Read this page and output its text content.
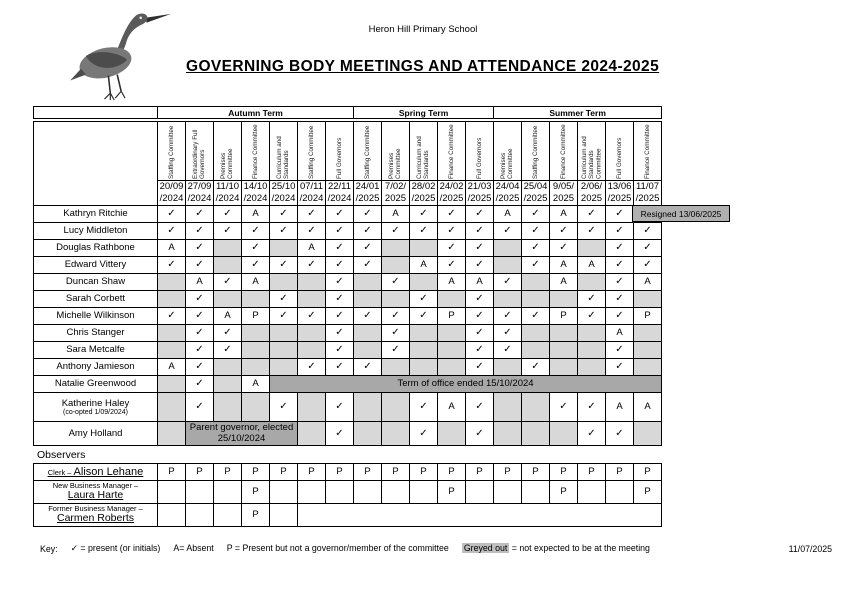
Heron Hill Primary School
GOVERNING BODY MEETINGS AND ATTENDANCE 2024-2025
	Autumn Term	Spring Term	Summer Term

	Staffing Committee	Extraordinary Full Governors	Premises Committee	Finance Committee	Curriculum and Standards	Staffing Committee	Full Governors	Staffing Committee	Premises Committee	Curriculum and Standards	Finance Committee	Full Governors	Premises Committee	Staffing Committee	Finance Committee	Curriculum and Standards Committee	Full Governors	Finance Committee

	20/09 /2024	27/09 /2024	11/10 /2024	14/10 /2024	25/10 /2024	07/11 /2024	22/11 /2024	24/01 /2025	7/02/ 2025	28/02 /2025	24/02 /2025	21/03 /2025	24/04 /2025	25/04 /2025	9/05/ 2025	2/06/ 2025	13/06 /2025	11/07 /2025

Kathryn Ritchie	✓	✓	✓	A	✓	✓	✓	✓	A	✓	✓	✓	A	✓	A	✓	✓	Resigned 13/06/2025

Lucy Middleton	✓	✓	✓	✓	✓	✓	✓	✓	✓	✓	✓	✓	✓	✓	✓	✓	✓	✓

Douglas Rathbone	A	✓		✓		A	✓	✓			✓	✓		✓	✓		✓	✓

Edward Vittery	✓	✓		✓	✓	✓	✓	✓		A	✓	✓		✓	A	A	✓	✓

Duncan Shaw		A	✓	A			✓		✓		A	A	✓		A		✓	A

Sarah Corbett		✓			✓		✓			✓		✓				✓	✓	

Michelle Wilkinson	✓	✓	A	P	✓	✓	✓	✓	✓	✓	P	✓	✓	✓	P	✓	✓	P

Chris Stanger		✓	✓				✓		✓			✓	✓				A	

Sara Metcalfe		✓	✓				✓		✓			✓	✓				✓	

Anthony Jamieson	A	✓				✓	✓	✓				✓		✓			✓	

Natalie Greenwood		✓		A	Term of office ended 15/10/2024													

Katherine Haley
(co-opted 1/09/2024)		✓			✓		✓			✓	A	✓			✓	✓	A	A

Amy Holland		Parent governor, elected
25/10/2024					✓			✓		✓				✓	✓	
Observers
Clerk – Alison Lehane	P	P	P	P	P	P	P	P	P	P	P	P	P	P	P	P	P	P

New Business Manager –
Laura Harte				P							P				P			P

Former Business Manager –
Carmen Roberts				P														
Key: ✓ = present (or initials) A= Absent P = Present but not a governor/member of the committee Greyed out = not expected to be at the meeting	11/07/2025
